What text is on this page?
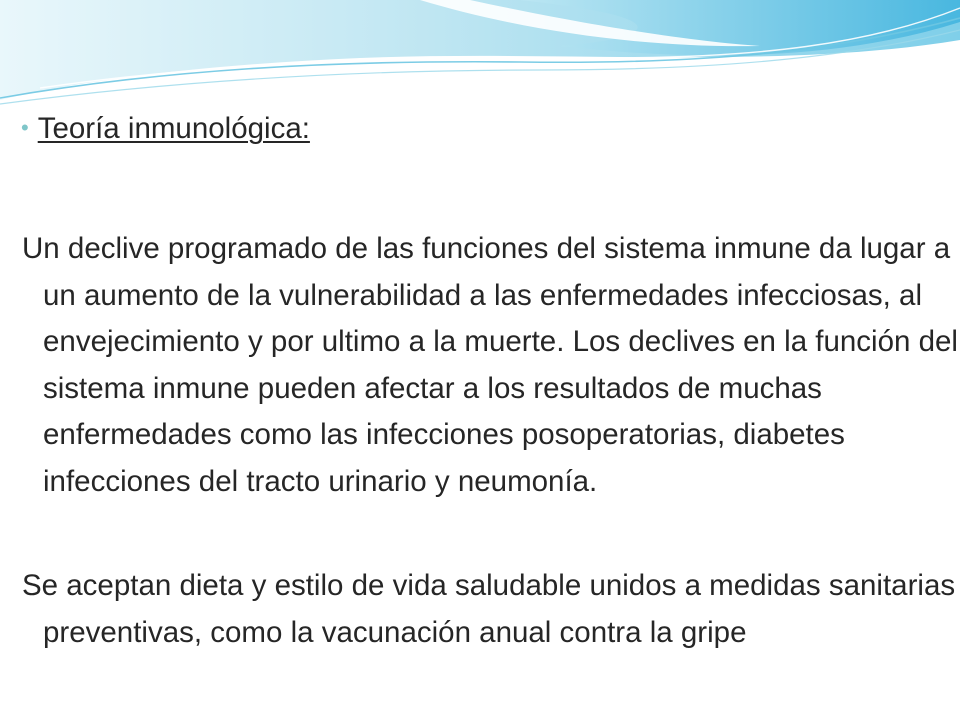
• Teoría inmunológica:

Un declive programado de las funciones del sistema inmune da lugar a un aumento de la vulnerabilidad a las enfermedades infecciosas, al envejecimiento y por ultimo a la muerte. Los declives en la función del sistema inmune pueden afectar a los resultados de muchas enfermedades como las infecciones posoperatorias, diabetes infecciones del tracto urinario y neumonía.

Se aceptan dieta y estilo de vida saludable unidos a medidas sanitarias preventivas, como la vacunación anual contra la gripe
